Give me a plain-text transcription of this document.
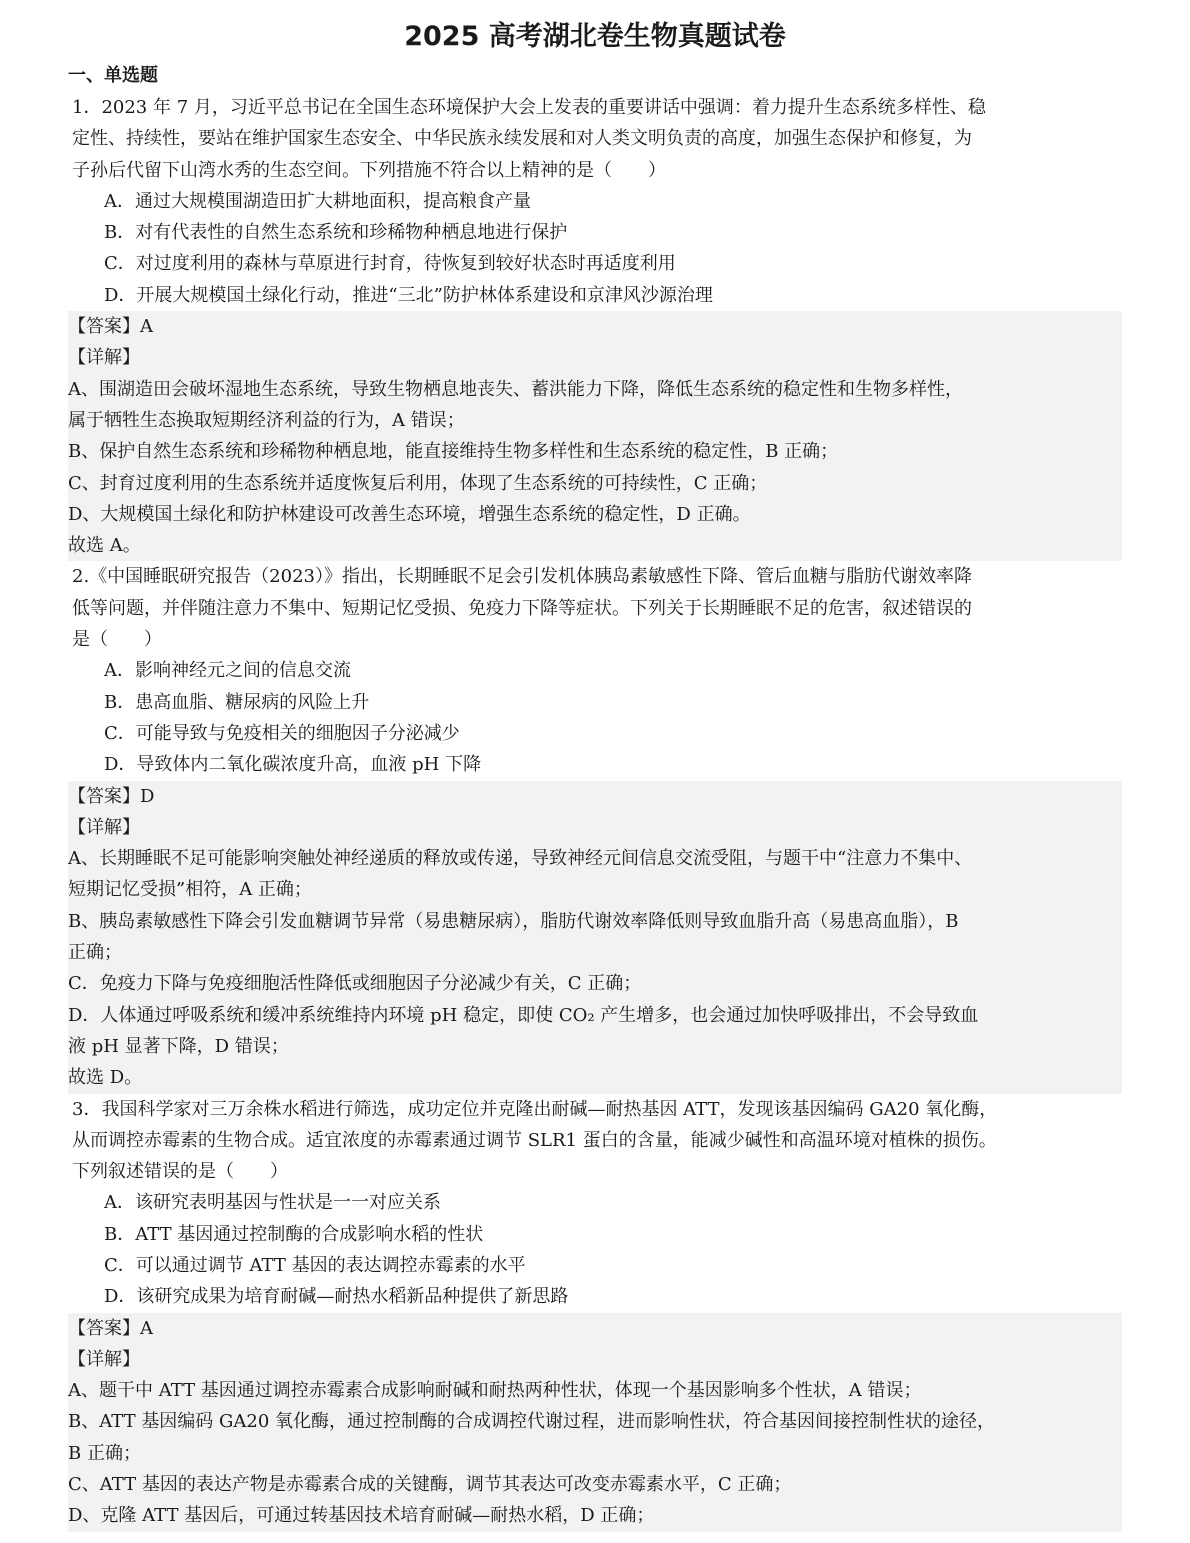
2025 高考湖北卷生物真题试卷
一、单选题
1．2023 年 7 月，习近平总书记在全国生态环境保护大会上发表的重要讲话中强调：着力提升生态系统多样性、稳
定性、持续性，要站在维护国家生态安全、中华民族永续发展和对人类文明负责的高度，加强生态保护和修复，为
子孙后代留下山湾水秀的生态空间。下列措施不符合以上精神的是（　　）
A．通过大规模围湖造田扩大耕地面积，提高粮食产量
B．对有代表性的自然生态系统和珍稀物种栖息地进行保护
C．对过度利用的森林与草原进行封育，待恢复到较好状态时再适度利用
D．开展大规模国土绿化行动，推进“三北”防护林体系建设和京津风沙源治理
【答案】A
【详解】
A、围湖造田会破坏湿地生态系统，导致生物栖息地丧失、蓄洪能力下降，降低生态系统的稳定性和生物多样性，
属于牺牲生态换取短期经济利益的行为，A 错误；
B、保护自然生态系统和珍稀物种栖息地，能直接维持生物多样性和生态系统的稳定性，B 正确；
C、封育过度利用的生态系统并适度恢复后利用，体现了生态系统的可持续性，C 正确；
D、大规模国土绿化和防护林建设可改善生态环境，增强生态系统的稳定性，D 正确。
故选 A。
2.《中国睡眠研究报告（2023）》指出，长期睡眠不足会引发机体胰岛素敏感性下降、管后血糖与脂肪代谢效率降
低等问题，并伴随注意力不集中、短期记忆受损、免疫力下降等症状。下列关于长期睡眠不足的危害，叙述错误的
是（　　）
A．影响神经元之间的信息交流
B．患高血脂、糖尿病的风险上升
C．可能导致与免疫相关的细胞因子分泌减少
D．导致体内二氧化碳浓度升高，血液 pH 下降
【答案】D
【详解】
A、长期睡眠不足可能影响突触处神经递质的释放或传递，导致神经元间信息交流受阻，与题干中“注意力不集中、
短期记忆受损”相符，A 正确；
B、胰岛素敏感性下降会引发血糖调节异常（易患糖尿病），脂肪代谢效率降低则导致血脂升高（易患高血脂），B
正确；
C．免疫力下降与免疫细胞活性降低或细胞因子分泌减少有关，C 正确；
D．人体通过呼吸系统和缓冲系统维持内环境 pH 稳定，即使 CO₂ 产生增多，也会通过加快呼吸排出，不会导致血
液 pH 显著下降，D 错误；
故选 D。
3．我国科学家对三万余株水稻进行筛选，成功定位并克隆出耐碱—耐热基因 ATT，发现该基因编码 GA20 氧化酶，
从而调控赤霉素的生物合成。适宜浓度的赤霉素通过调节 SLR1 蛋白的含量，能减少碱性和高温环境对植株的损伤。
下列叙述错误的是（　　）
A．该研究表明基因与性状是一一对应关系
B．ATT 基因通过控制酶的合成影响水稻的性状
C．可以通过调节 ATT 基因的表达调控赤霉素的水平
D．该研究成果为培育耐碱—耐热水稻新品种提供了新思路
【答案】A
【详解】
A、题干中 ATT 基因通过调控赤霉素合成影响耐碱和耐热两种性状，体现一个基因影响多个性状，A 错误；
B、ATT 基因编码 GA20 氧化酶，通过控制酶的合成调控代谢过程，进而影响性状，符合基因间接控制性状的途径，
B 正确；
C、ATT 基因的表达产物是赤霉素合成的关键酶，调节其表达可改变赤霉素水平，C 正确；
D、克隆 ATT 基因后，可通过转基因技术培育耐碱—耐热水稻，D 正确；
